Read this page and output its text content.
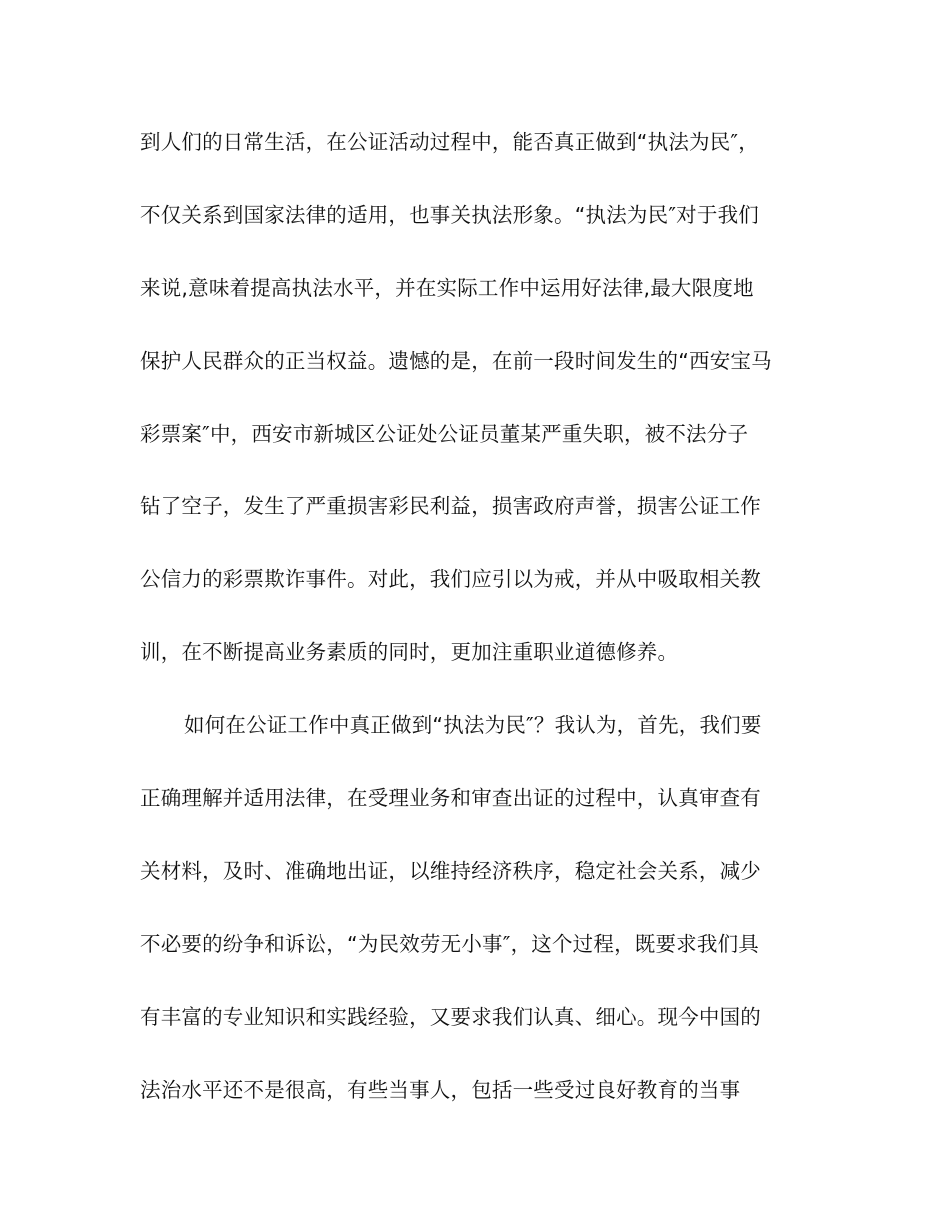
到人们的日常生活，在公证活动过程中，能否真正做到“执法为民″，
不仅关系到国家法律的适用，也事关执法形象。“执法为民″对于我们
来说,意味着提高执法水平，并在实际工作中运用好法律,最大限度地
保护人民群众的正当权益。遗憾的是，在前一段时间发生的“西安宝马
彩票案″中，西安市新城区公证处公证员董某严重失职，被不法分子
钻了空子，发生了严重损害彩民利益，损害政府声誉，损害公证工作
公信力的彩票欺诈事件。对此，我们应引以为戒，并从中吸取相关教
训，在不断提高业务素质的同时，更加注重职业道德修养。
如何在公证工作中真正做到“执法为民″？我认为，首先，我们要
正确理解并适用法律，在受理业务和审查出证的过程中，认真审查有
关材料，及时、准确地出证，以维持经济秩序，稳定社会关系，减少
不必要的纷争和诉讼，“为民效劳无小事″，这个过程，既要求我们具
有丰富的专业知识和实践经验，又要求我们认真、细心。现今中国的
法治水平还不是很高，有些当事人，包括一些受过良好教育的当事
